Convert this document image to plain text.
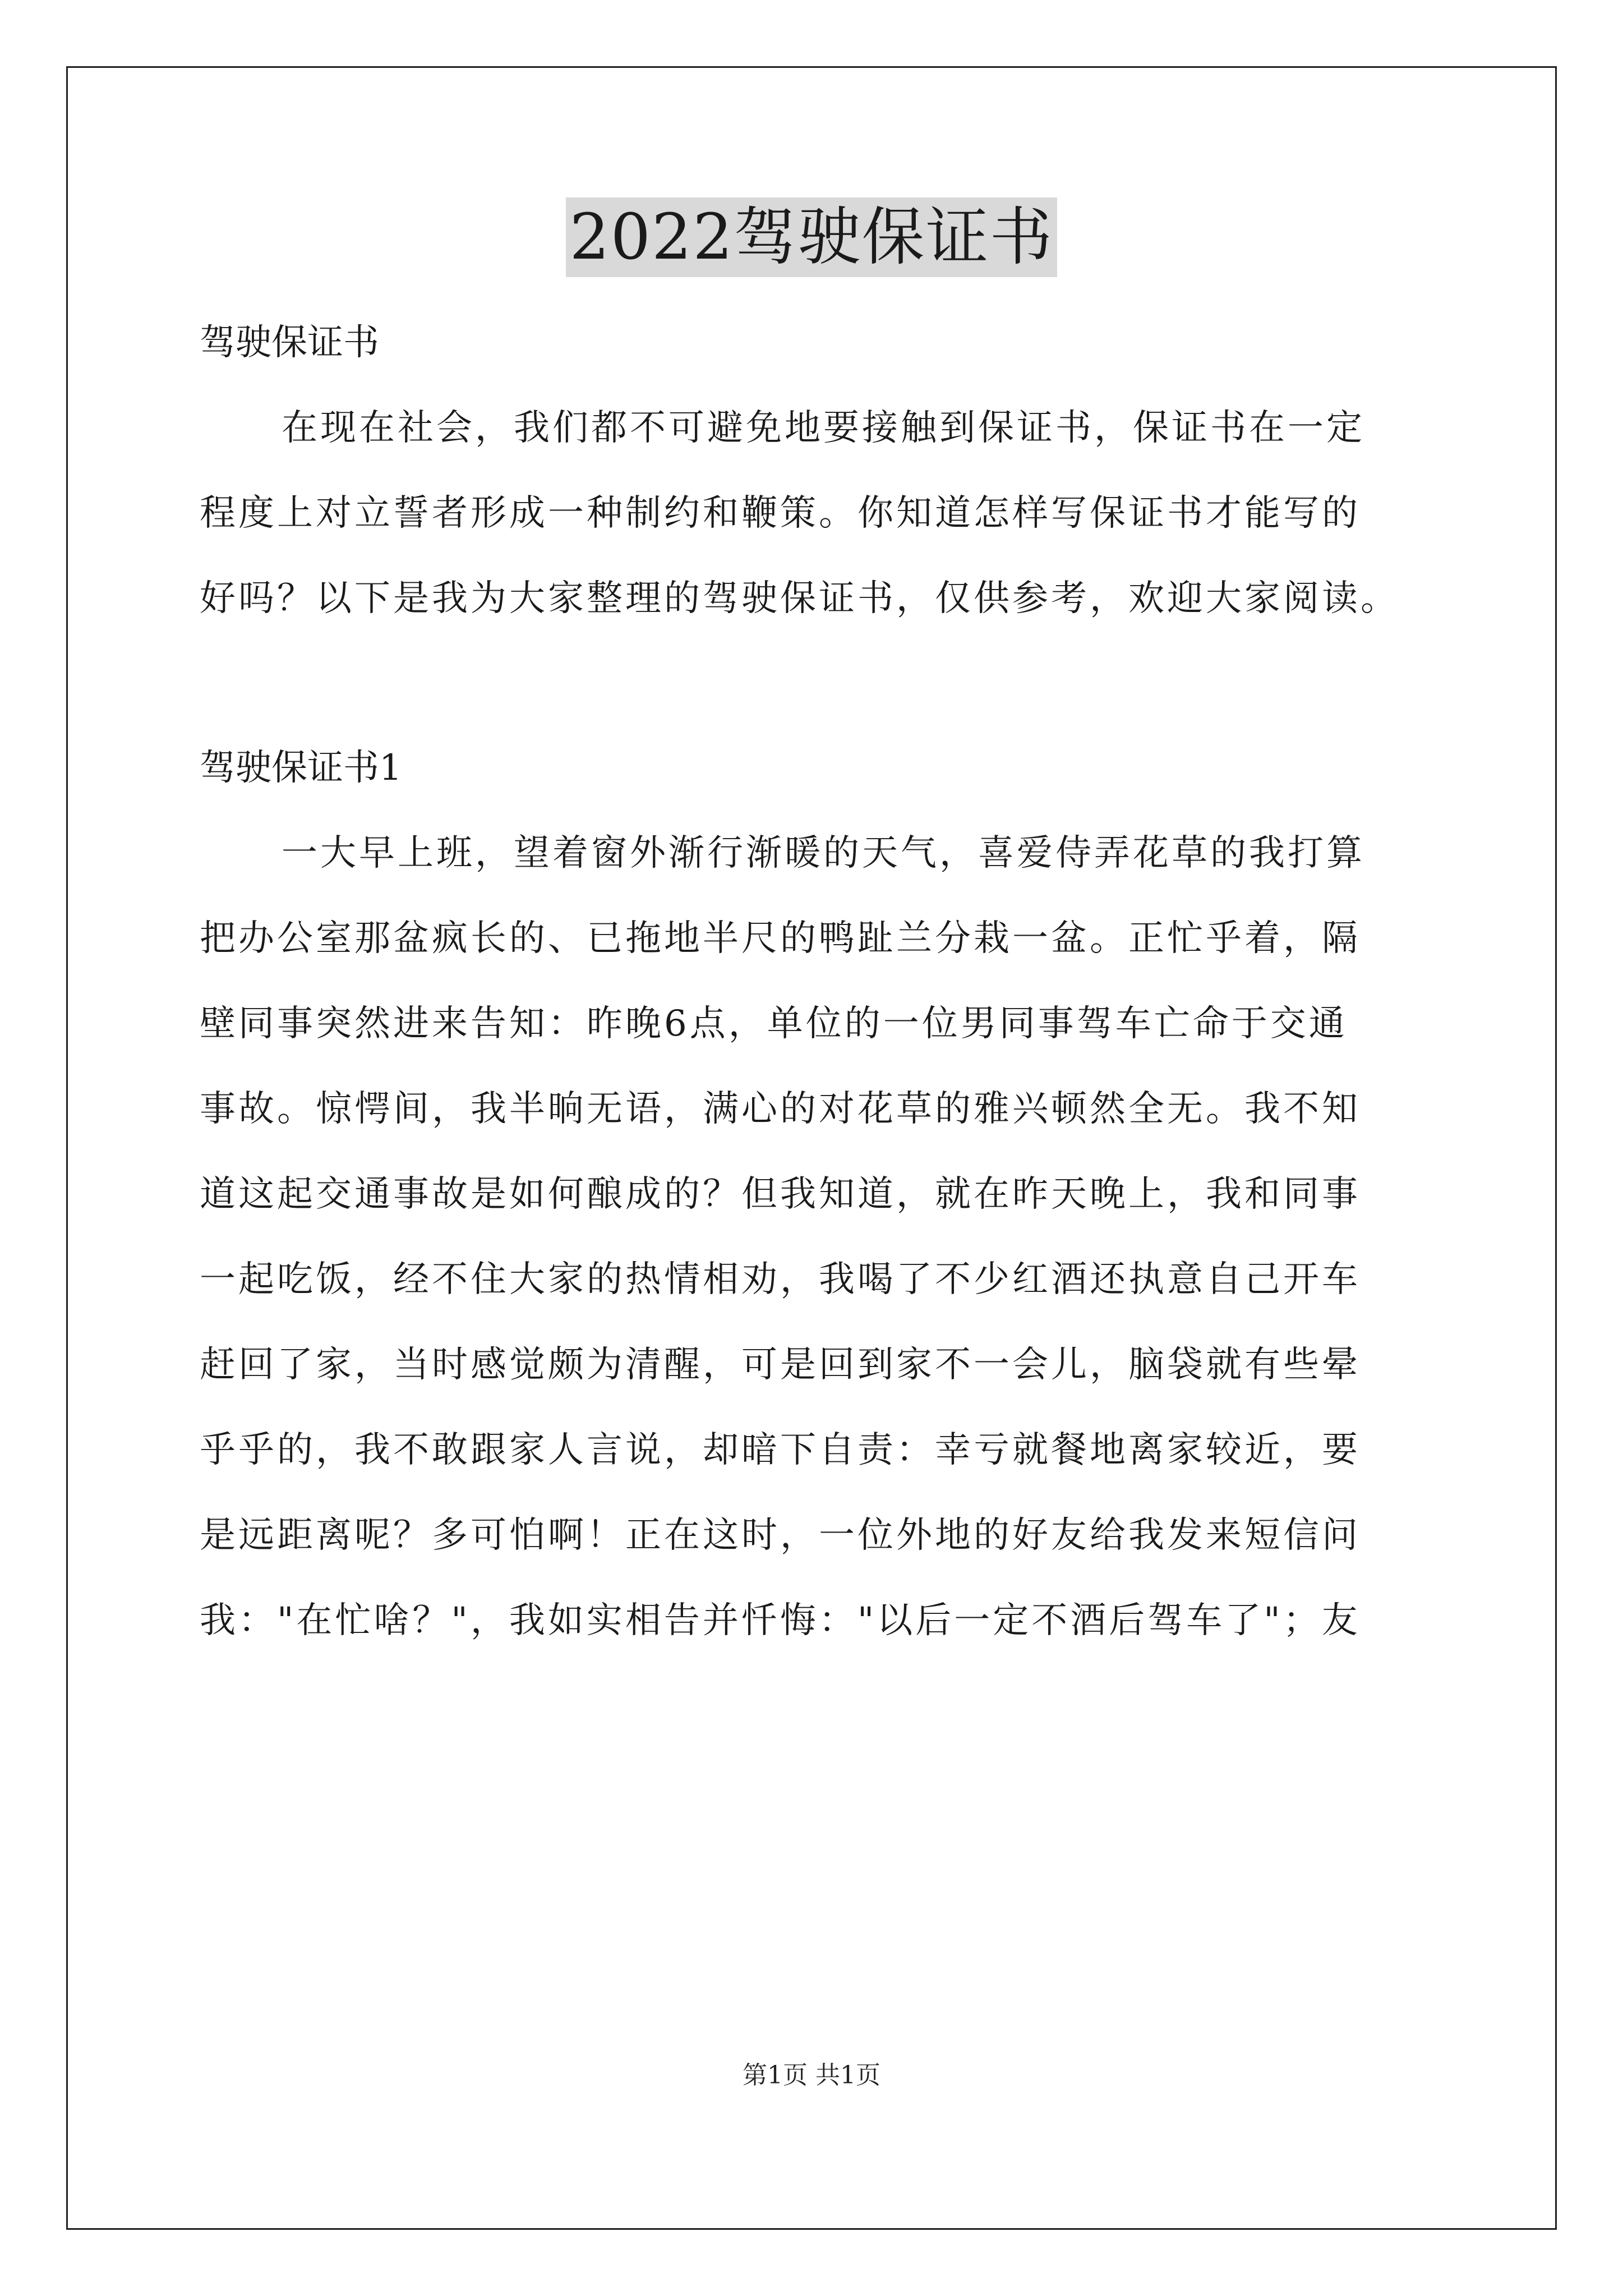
2022驾驶保证书

驾驶保证书

在现在社会，我们都不可避免地要接触到保证书，保证书在一定

程度上对立誓者形成一种制约和鞭策。你知道怎样写保证书才能写的

好吗？以下是我为大家整理的驾驶保证书，仅供参考，欢迎大家阅读。

驾驶保证书1

一大早上班，望着窗外渐行渐暖的天气，喜爱侍弄花草的我打算

把办公室那盆疯长的、已拖地半尺的鸭趾兰分栽一盆。正忙乎着，隔

壁同事突然进来告知：昨晚6点，单位的一位男同事驾车亡命于交通

事故。惊愕间，我半晌无语，满心的对花草的雅兴顿然全无。我不知

道这起交通事故是如何酿成的？但我知道，就在昨天晚上，我和同事

一起吃饭，经不住大家的热情相劝，我喝了不少红酒还执意自己开车

赶回了家，当时感觉颇为清醒，可是回到家不一会儿，脑袋就有些晕

乎乎的，我不敢跟家人言说，却暗下自责：幸亏就餐地离家较近，要

是远距离呢？多可怕啊！正在这时，一位外地的好友给我发来短信问

我："在忙啥？"，我如实相告并忏悔："以后一定不酒后驾车了"；友

第1页 共1页
